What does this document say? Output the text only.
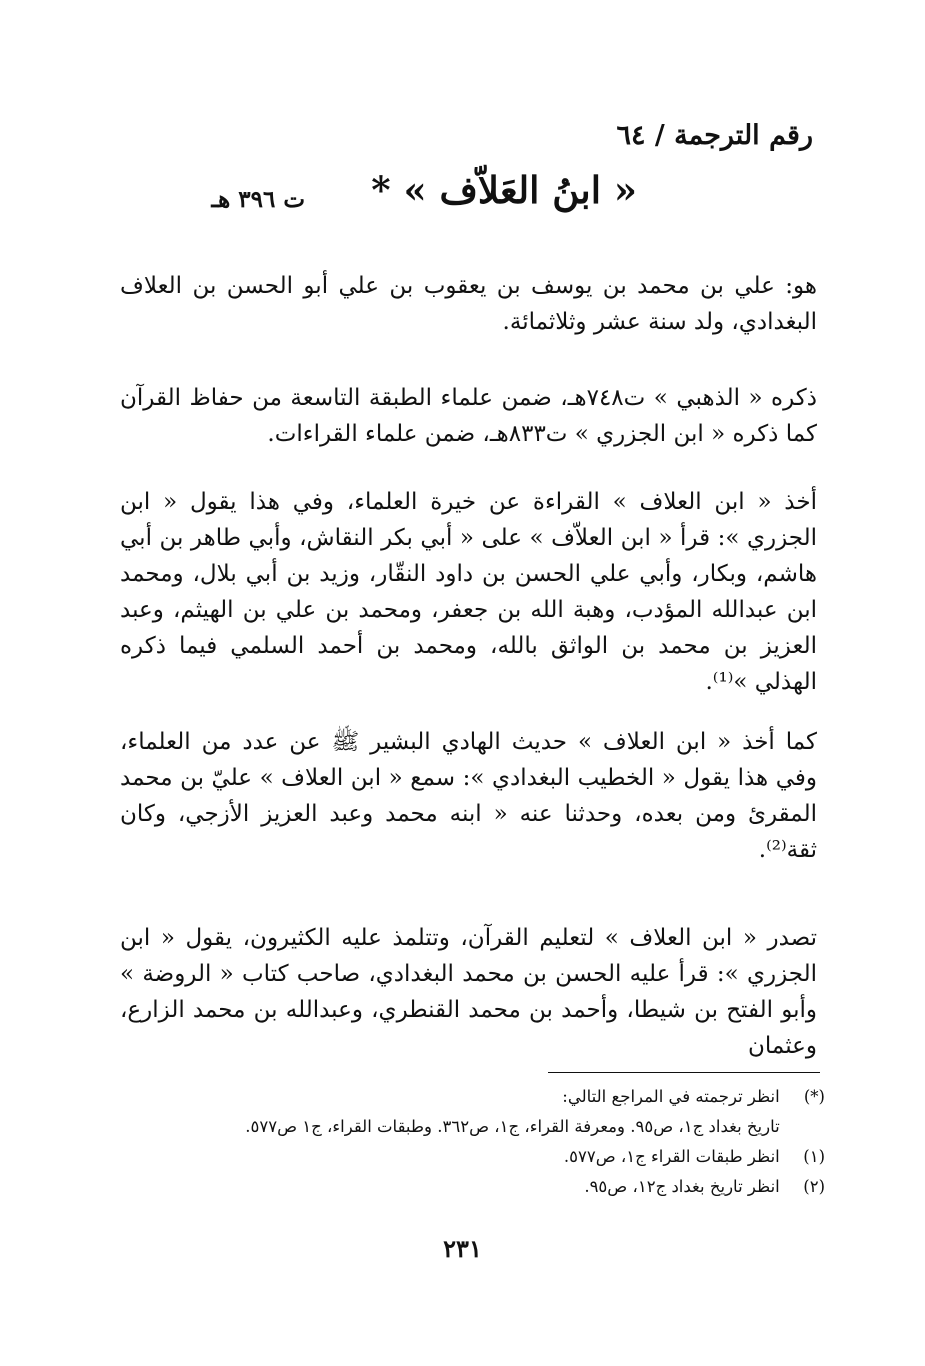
رقم الترجمة / ٦٤
« ابنُ العَلاّف » *
ت ٣٩٦ هـ
هو: علي بن محمد بن يوسف بن يعقوب بن علي أبو الحسن بن العلاف البغدادي، ولد سنة عشر وثلاثمائة.
ذكره « الذهبي » ت٧٤٨هـ، ضمن علماء الطبقة التاسعة من حفاظ القرآن كما ذكره « ابن الجزري » ت٨٣٣هـ، ضمن علماء القراءات.
أخذ « ابن العلاف » القراءة عن خيرة العلماء، وفي هذا يقول « ابن الجزري »: قرأ « ابن العلاّف » على « أبي بكر النقاش، وأبي طاهر بن أبي هاشم، وبكار، وأبي علي الحسن بن داود النقّار، وزيد بن أبي بلال، ومحمد ابن عبدالله المؤدب، وهبة الله بن جعفر، ومحمد بن علي بن الهيثم، وعبد العزيز بن محمد بن الواثق بالله، ومحمد بن أحمد السلمي فيما ذكره الهذلي »⁽¹⁾.
كما أخذ « ابن العلاف » حديث الهادي البشير ﷺ عن عدد من العلماء، وفي هذا يقول « الخطيب البغدادي »: سمع « ابن العلاف » عليّ بن محمد المقرئ ومن بعده، وحدثنا عنه « ابنه محمد وعبد العزيز الأزجي، وكان ثقة⁽²⁾.
تصدر « ابن العلاف » لتعليم القرآن، وتتلمذ عليه الكثيرون، يقول « ابن الجزري »: قرأ عليه الحسن بن محمد البغدادي، صاحب كتاب « الروضة » وأبو الفتح بن شيطا، وأحمد بن محمد القنطري، وعبدالله بن محمد الزارع، وعثمان
(*) انظر ترجمته في المراجع التالي:
تاريخ بغداد ج١، ص٩٥. ومعرفة القراء، ج١، ص٣٦٢. وطبقات القراء، ج١ ص٥٧٧.
(١) انظر طبقات القراء ج١، ص٥٧٧.
(٢) انظر تاريخ بغداد ج١٢، ص٩٥.
٢٣١
